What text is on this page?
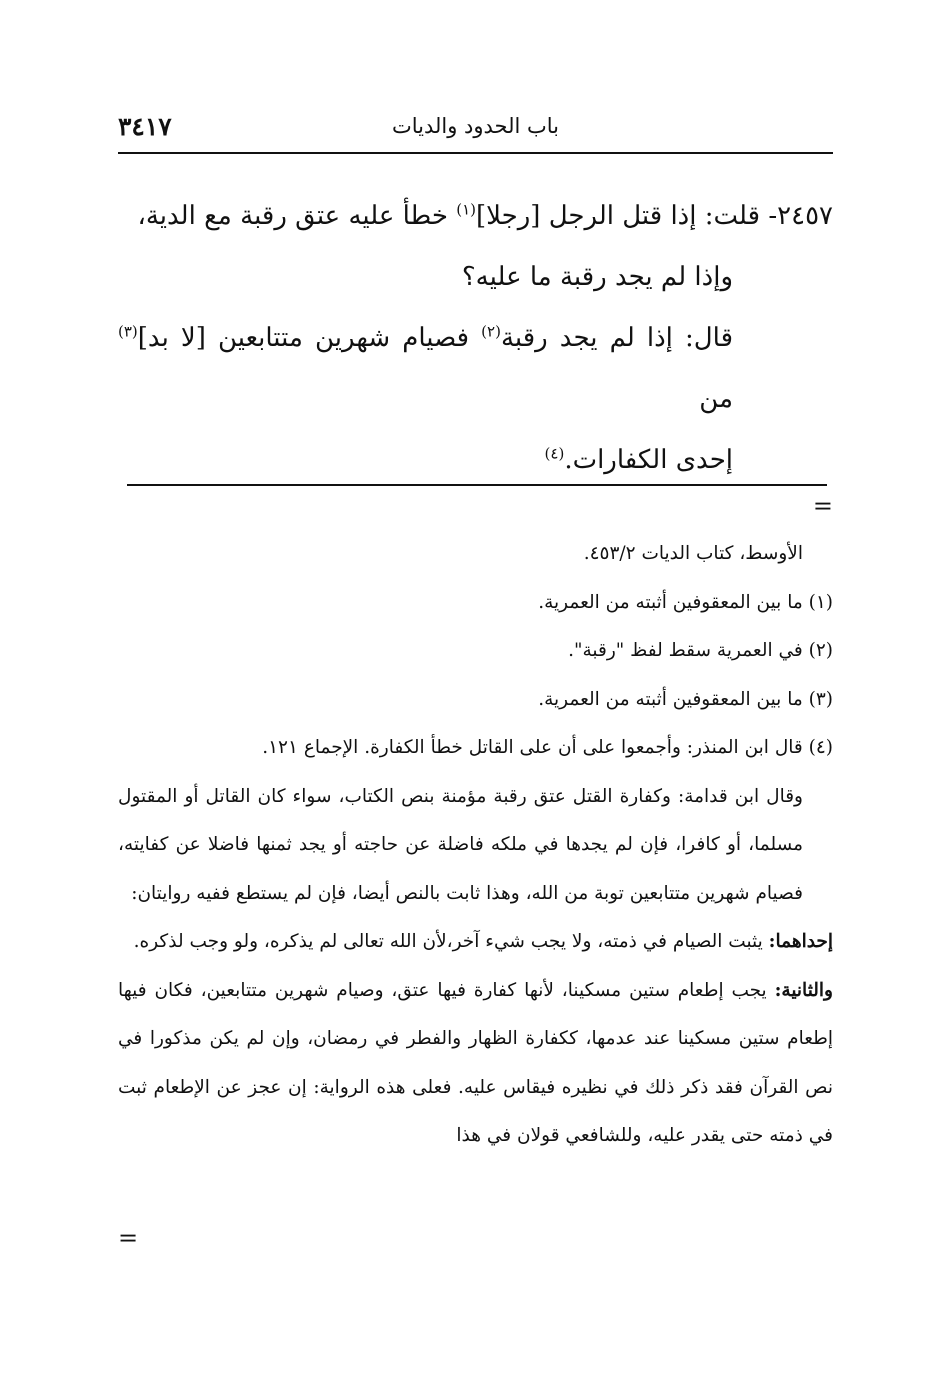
باب الحدود والديات
٣٤١٧

٢٤٥٧- قلت: إذا قتل الرجل [رجلا]$^{(١)}$ خطأ عليه عتق رقبة مع الدية،

وإذا لم يجد رقبة ما عليه؟

قال: إذا لم يجد رقبة$^{(٢)}$ فصيام شهرين متتابعين [لا بد]$^{(٣)}$ من

إحدى الكفارات.$^{(٤)}$

=

الأوسط، كتاب الديات ٤٥٣/٢.

(١) ما بين المعقوفين أثبته من العمرية.

(٢) في العمرية سقط لفظ "رقبة".

(٣) ما بين المعقوفين أثبته من العمرية.

(٤) قال ابن المنذر: وأجمعوا على أن على القاتل خطأ الكفارة. الإجماع ١٢١.

وقال ابن قدامة: وكفارة القتل عتق رقبة مؤمنة بنص الكتاب، سواء كان القاتل أو المقتول مسلما، أو كافرا، فإن لم يجدها في ملكه فاضلة عن حاجته أو يجد ثمنها فاضلا عن كفايته، فصيام شهرين متتابعين توبة من الله، وهذا ثابت بالنص أيضا، فإن لم يستطع ففيه روايتان:

إحداهما: يثبت الصيام في ذمته، ولا يجب شيء آخر،لأن الله تعالى لم يذكره، ولو وجب لذكره.

والثانية: يجب إطعام ستين مسكينا، لأنها كفارة فيها عتق، وصيام شهرين متتابعين، فكان فيها إطعام ستين مسكينا عند عدمها، ككفارة الظهار والفطر في رمضان، وإن لم يكن مذكورا في نص القرآن فقد ذكر ذلك في نظيره فيقاس عليه. فعلى هذه الرواية: إن عجز عن الإطعام ثبت في ذمته حتى يقدر عليه، وللشافعي قولان في هذا

=
